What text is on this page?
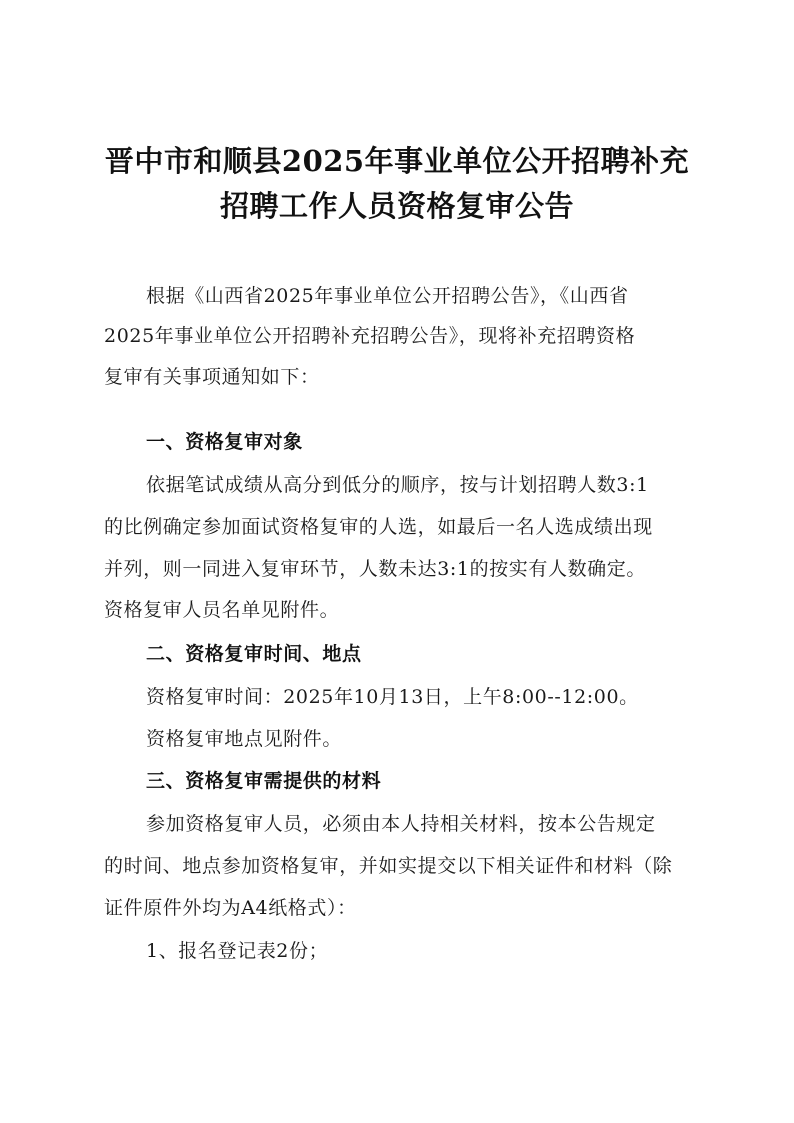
晋中市和顺县2025年事业单位公开招聘补充
招聘工作人员资格复审公告
根据《山西省2025年事业单位公开招聘公告》，《山西省
2025年事业单位公开招聘补充招聘公告》，现将补充招聘资格
复审有关事项通知如下：
一、资格复审对象
依据笔试成绩从高分到低分的顺序，按与计划招聘人数3:1
的比例确定参加面试资格复审的人选，如最后一名人选成绩出现
并列，则一同进入复审环节，人数未达3:1的按实有人数确定。
资格复审人员名单见附件。
二、资格复审时间、地点
资格复审时间：2025年10月13日，上午8:00--12:00。
资格复审地点见附件。
三、资格复审需提供的材料
参加资格复审人员，必须由本人持相关材料，按本公告规定
的时间、地点参加资格复审，并如实提交以下相关证件和材料（除
证件原件外均为A4纸格式）：
1、报名登记表2份；
